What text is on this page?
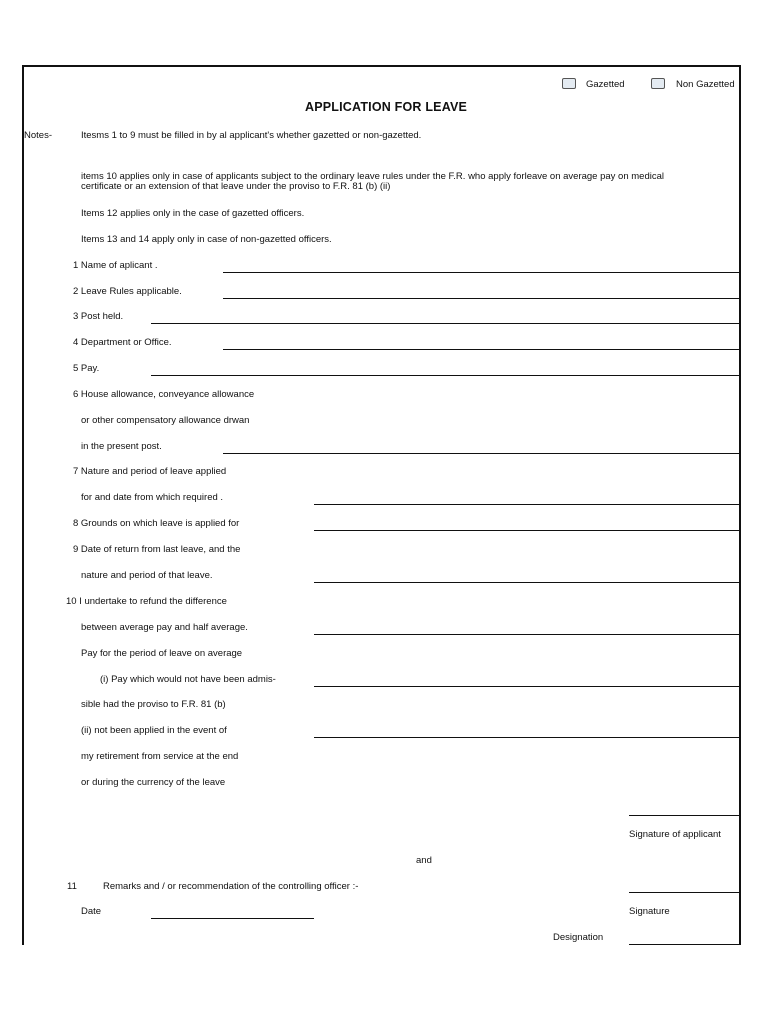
Gazetted	Non Gazetted
APPLICATION FOR LEAVE
Notes-	Itesms 1 to 9 must be filled in by al applicant's whether gazetted or non-gazetted.
items 10 applies only in case of applicants subject to the ordinary leave rules under the F.R. who apply forleave on average pay on medical
certificate or an extension of that leave under the proviso to F.R. 81 (b) (ii)
Items 12 applies only in the case of gazetted officers.
Items 13 and 14 apply only in case of non-gazetted officers.
1 Name of aplicant .
2 Leave Rules applicable.
3 Post held.
4 Department or Office.
5 Pay.
6 House allowance, conveyance allowance
or other compensatory allowance drwan
in the present post.
7 Nature and period of leave applied
for and date from which required .
8 Grounds on which leave is applied for
9 Date of return from last leave, and the
nature and period of that leave.
10 I undertake to refund the difference
between average pay and half average.
Pay for the period of leave on average
(i) Pay which would not have been admis-
sible had the proviso to F.R. 81 (b)
(ii) not been applied in the event of
my retirement from service at the end
or during the currency of the leave
Signature of applicant
and
11	Remarks and / or recommendation of the controlling officer :-
Date	Signature
Designation
